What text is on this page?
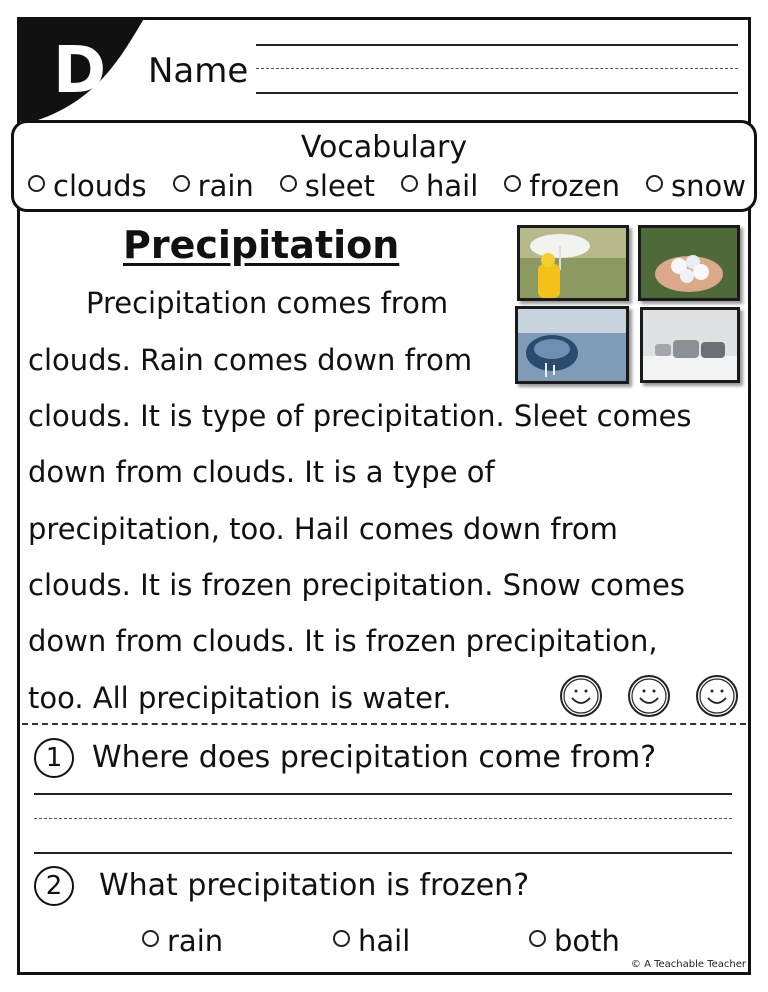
D Name
Vocabulary
clouds	rain	sleet	hail	frozen	snow
Precipitation
Precipitation comes from
clouds. Rain comes down from
clouds. It is type of precipitation. Sleet comes
down from clouds. It is a type of
precipitation, too. Hail comes down from
clouds. It is frozen precipitation. Snow comes
down from clouds. It is frozen precipitation,
too. All precipitation is water.
1 Where does precipitation come from?
2	What precipitation is frozen?
rain	hail	both
© A Teachable Teacher
